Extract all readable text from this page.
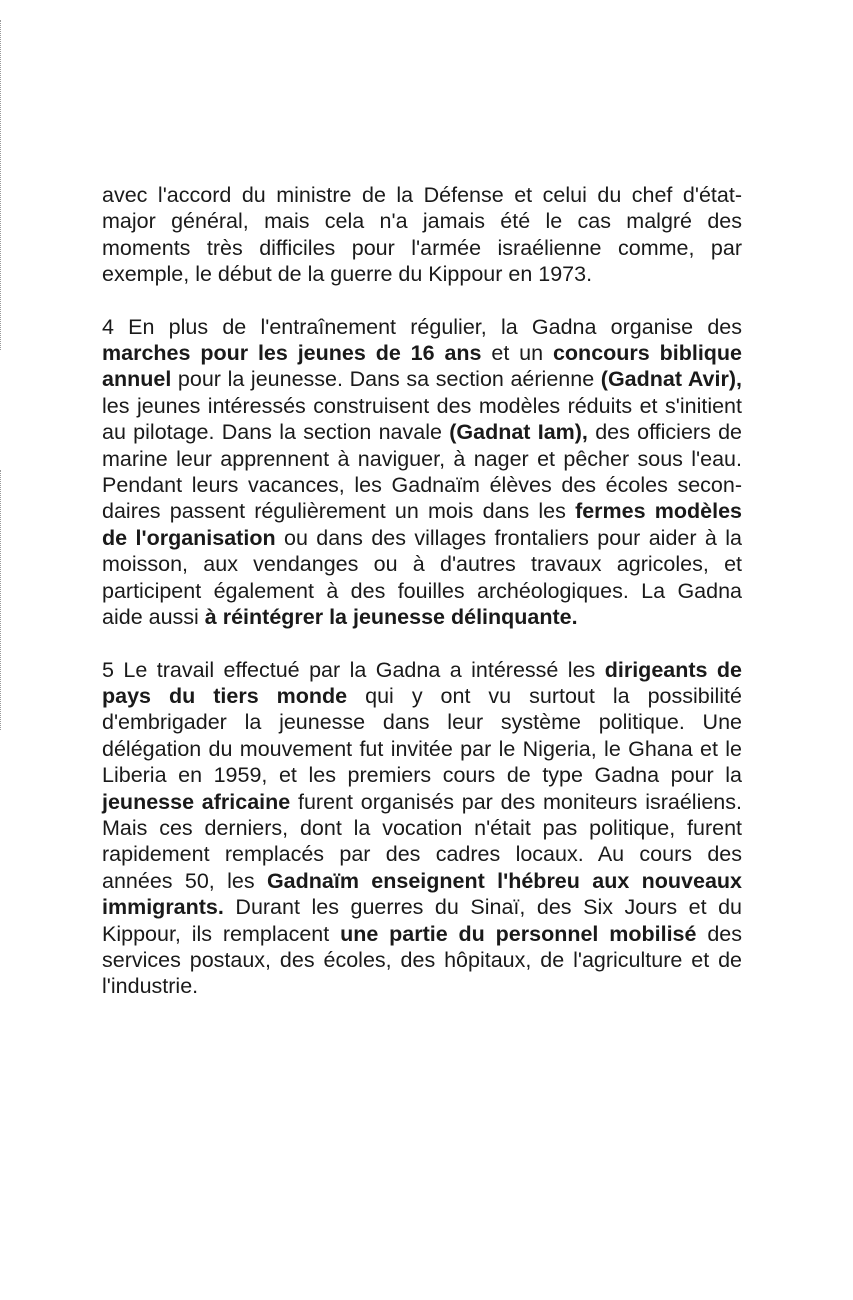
avec l'accord du ministre de la Défense et celui du chef d'état-major général, mais cela n'a jamais été le cas malgré des moments très difficiles pour l'armée israélienne comme, par exemple, le début de la guerre du Kippour en 1973.

4 En plus de l'entraînement régulier, la Gadna organise des marches pour les jeunes de 16 ans et un concours biblique annuel pour la jeunesse. Dans sa section aérienne (Gadnat Avir), les jeunes intéressés construisent des modèles réduits et s'initient au pilotage. Dans la section navale (Gadnat Iam), des officiers de marine leur apprennent à naviguer, à nager et pêcher sous l'eau. Pendant leurs vacances, les Gadnaïm élèves des écoles secondaires passent régulièrement un mois dans les fermes modèles de l'organisation ou dans des villages frontaliers pour aider à la moisson, aux vendanges ou à d'autres travaux agricoles, et participent également à des fouilles archéologiques. La Gadna aide aussi à réintégrer la jeunesse délinquante.

5 Le travail effectué par la Gadna a intéressé les dirigeants de pays du tiers monde qui y ont vu surtout la possibilité d'embrigader la jeunesse dans leur système politique. Une délégation du mouvement fut invitée par le Nigeria, le Ghana et le Liberia en 1959, et les premiers cours de type Gadna pour la jeunesse africaine furent organisés par des moniteurs israéliens. Mais ces derniers, dont la vocation n'était pas politique, furent rapidement remplacés par des cadres locaux. Au cours des années 50, les Gadnaïm enseignent l'hébreu aux nouveaux immigrants. Durant les guerres du Sinaï, des Six Jours et du Kippour, ils remplacent une partie du personnel mobilisé des services postaux, des écoles, des hôpitaux, de l'agriculture et de l'industrie.
